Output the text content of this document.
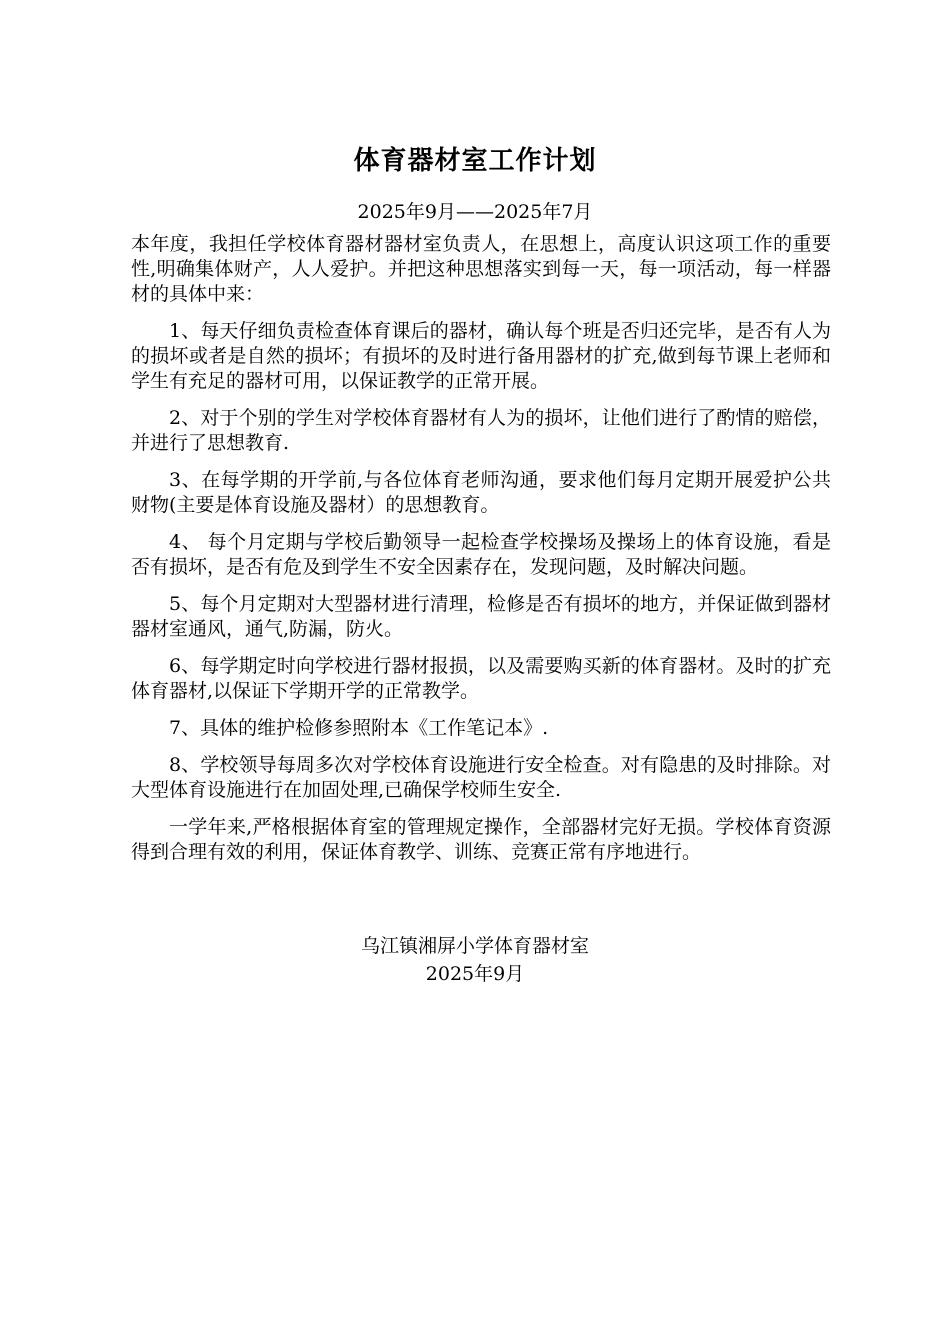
体育器材室工作计划
2025年9月——2025年7月

本年度，我担任学校体育器材器材室负责人，在思想上，高度认识这项工作的重要性,明确集体财产，人人爱护。并把这种思想落实到每一天，每一项活动，每一样器材的具体中来：

1、每天仔细负责检查体育课后的器材，确认每个班是否归还完毕，是否有人为的损坏或者是自然的损坏；有损坏的及时进行备用器材的扩充,做到每节课上老师和学生有充足的器材可用，以保证教学的正常开展。

2、对于个别的学生对学校体育器材有人为的损坏，让他们进行了酌情的赔偿，并进行了思想教育.

3、在每学期的开学前,与各位体育老师沟通，要求他们每月定期开展爱护公共财物(主要是体育设施及器材）的思想教育。

4、 每个月定期与学校后勤领导一起检查学校操场及操场上的体育设施，看是否有损坏，是否有危及到学生不安全因素存在，发现问题，及时解决问题。

5、每个月定期对大型器材进行清理，检修是否有损坏的地方，并保证做到器材器材室通风，通气,防漏，防火。

6、每学期定时向学校进行器材报损，以及需要购买新的体育器材。及时的扩充体育器材,以保证下学期开学的正常教学。

7、具体的维护检修参照附本《工作笔记本》.

8、学校领导每周多次对学校体育设施进行安全检查。对有隐患的及时排除。对大型体育设施进行在加固处理,已确保学校师生安全.

一学年来,严格根据体育室的管理规定操作，全部器材完好无损。学校体育资源得到合理有效的利用，保证体育教学、训练、竞赛正常有序地进行。

乌江镇湘屏小学体育器材室
2025年9月
